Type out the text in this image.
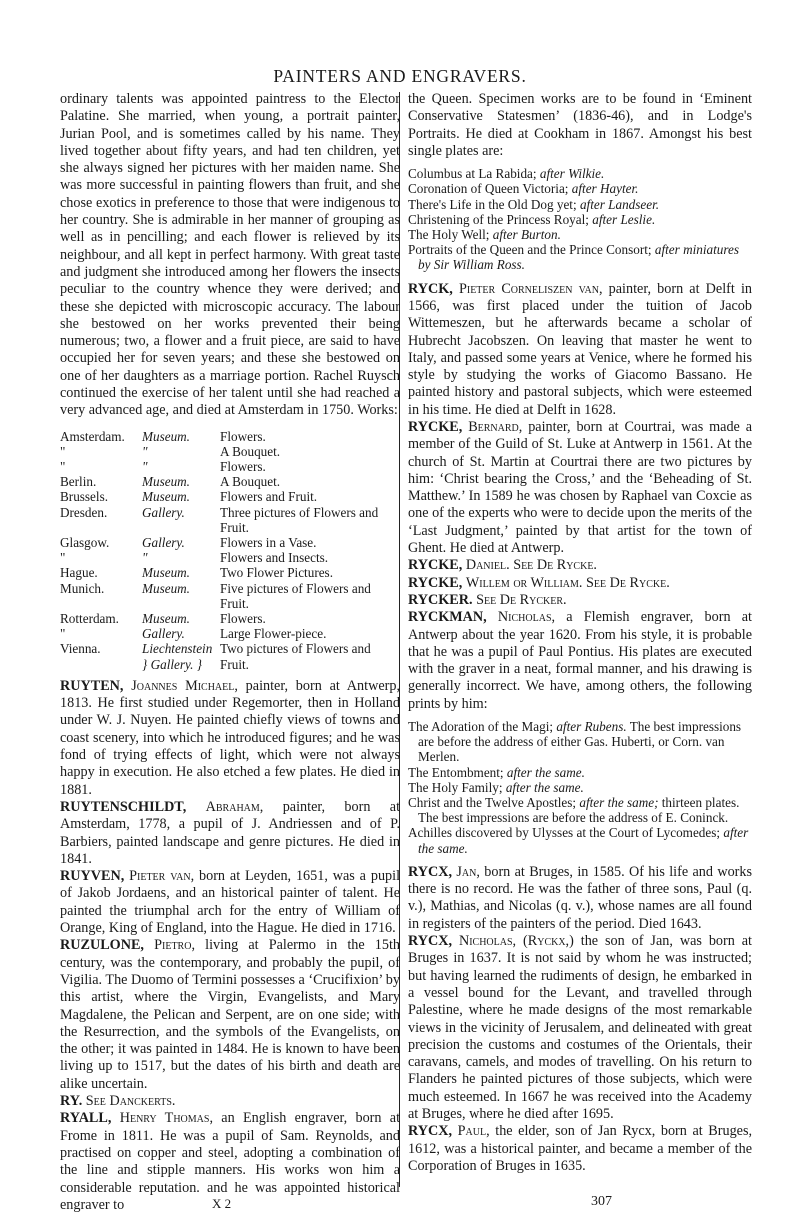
PAINTERS AND ENGRAVERS.

ordinary talents was appointed paintress to the Elector Palatine. She married, when young, a portrait painter, Jurian Pool, and is sometimes called by his name. They lived together about fifty years, and had ten children, yet she always signed her pictures with her maiden name. She was more successful in painting flowers than fruit, and she chose exotics in preference to those that were indigenous to her country. She is admirable in her manner of grouping as well as in pencilling; and each flower is relieved by its neighbour, and all kept in perfect harmony. With great taste and judgment she introduced among her flowers the insects peculiar to the country whence they were derived; and these she depicted with microscopic accuracy. The labour she bestowed on her works prevented their being numerous; two, a flower and a fruit piece, are said to have occupied her for seven years; and these she bestowed on one of her daughters as a marriage portion. Rachel Ruysch continued the exercise of her talent until she had reached a very advanced age, and died at Amsterdam in 1750. Works:

Amsterdam.	Museum.	Flowers.
"	"	A Bouquet.
"	"	Flowers.
Berlin.	Museum.	A Bouquet.
Brussels.	Museum.	Flowers and Fruit.
Dresden.	Gallery.	Three pictures of Flowers and Fruit.
Glasgow.	Gallery.	Flowers in a Vase.
"	"	Flowers and Insects.
Hague.	Museum.	Two Flower Pictures.
Munich.	Museum.	Five pictures of Flowers and Fruit.
Rotterdam.	Museum.	Flowers.
"	Gallery.	Large Flower-piece.
Vienna.	Liechtenstein } Gallery. }	Two pictures of Flowers and Fruit.

RUYTEN, Joannes Michael, painter, born at Antwerp, 1813. He first studied under Regemorter, then in Holland under W. J. Nuyen. He painted chiefly views of towns and coast scenery, into which he introduced figures; and he was fond of trying effects of light, which were not always happy in execution. He also etched a few plates. He died in 1881.

RUYTENSCHILDT, Abraham, painter, born at Amsterdam, 1778, a pupil of J. Andriessen and of P. Barbiers, painted landscape and genre pictures. He died in 1841.

RUYVEN, Pieter van, born at Leyden, 1651, was a pupil of Jakob Jordaens, and an historical painter of talent. He painted the triumphal arch for the entry of William of Orange, King of England, into the Hague. He died in 1716.

RUZULONE, Pietro, living at Palermo in the 15th century, was the contemporary, and probably the pupil, of Vigilia. The Duomo of Termini possesses a ‘Crucifixion’ by this artist, where the Virgin, Evangelists, and Mary Magdalene, the Pelican and Serpent, are on one side; with the Resurrection, and the symbols of the Evangelists, on the other; it was painted in 1484. He is known to have been living up to 1517, but the dates of his birth and death are alike uncertain.

RY. See Danckerts.

RYALL, Henry Thomas, an English engraver, born at Frome in 1811. He was a pupil of Sam. Reynolds, and practised on copper and steel, adopting a combination of the line and stipple manners. His works won him a considerable reputation. and he was appointed historical engraver to

the Queen. Specimen works are to be found in ‘Eminent Conservative Statesmen’ (1836-46), and in Lodge's Portraits. He died at Cookham in 1867. Amongst his best single plates are:

Columbus at La Rabida; after Wilkie.
Coronation of Queen Victoria; after Hayter.
There's Life in the Old Dog yet; after Landseer.
Christening of the Princess Royal; after Leslie.
The Holy Well; after Burton.
Portraits of the Queen and the Prince Consort; after miniatures by Sir William Ross.

RYCK, Pieter Corneliszen van, painter, born at Delft in 1566, was first placed under the tuition of Jacob Wittemeszen, but he afterwards became a scholar of Hubrecht Jacobszen. On leaving that master he went to Italy, and passed some years at Venice, where he formed his style by studying the works of Giacomo Bassano. He painted history and pastoral subjects, which were esteemed in his time. He died at Delft in 1628.

RYCKE, Bernard, painter, born at Courtrai, was made a member of the Guild of St. Luke at Antwerp in 1561. At the church of St. Martin at Courtrai there are two pictures by him: ‘Christ bearing the Cross,’ and the ‘Beheading of St. Matthew.’ In 1589 he was chosen by Raphael van Coxcie as one of the experts who were to decide upon the merits of the ‘Last Judgment,’ painted by that artist for the town of Ghent. He died at Antwerp.

RYCKE, Daniel. See De Rycke.

RYCKE, Willem or William. See De Rycke.

RYCKER. See De Rycker.

RYCKMAN, Nicholas, a Flemish engraver, born at Antwerp about the year 1620. From his style, it is probable that he was a pupil of Paul Pontius. His plates are executed with the graver in a neat, formal manner, and his drawing is generally incorrect. We have, among others, the following prints by him:

The Adoration of the Magi; after Rubens. The best impressions are before the address of either Gas. Huberti, or Corn. van Merlen.
The Entombment; after the same.
The Holy Family; after the same.
Christ and the Twelve Apostles; after the same; thirteen plates. The best impressions are before the address of E. Coninck.
Achilles discovered by Ulysses at the Court of Lycomedes; after the same.

RYCX, Jan, born at Bruges, in 1585. Of his life and works there is no record. He was the father of three sons, Paul (q. v.), Mathias, and Nicolas (q. v.), whose names are all found in registers of the painters of the period. Died 1643.

RYCX, Nicholas, (Ryckx,) the son of Jan, was born at Bruges in 1637. It is not said by whom he was instructed; but having learned the rudiments of design, he embarked in a vessel bound for the Levant, and travelled through Palestine, where he made designs of the most remarkable views in the vicinity of Jerusalem, and delineated with great precision the customs and costumes of the Orientals, their caravans, camels, and modes of travelling. On his return to Flanders he painted pictures of those subjects, which were much esteemed. In 1667 he was received into the Academy at Bruges, where he died after 1695.

RYCX, Paul, the elder, son of Jan Rycx, born at Bruges, 1612, was a historical painter, and became a member of the Corporation of Bruges in 1635.

X 2	307
